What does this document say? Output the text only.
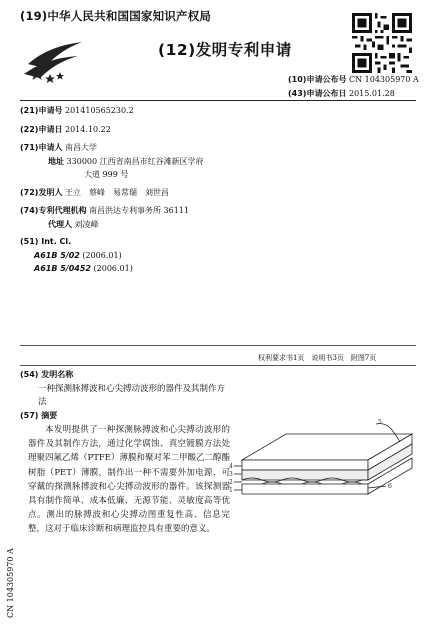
(19)中华人民共和国国家知识产权局
(12)发明专利申请
(10)申请公布号 CN 104305970 A
(43)申请公布日 2015.01.28
(21)申请号 201410565230.2
(22)申请日 2014.10.22
(71)申请人 南昌大学
地址 330000 江西省南昌市红谷滩新区学府
大道 999 号
(72)发明人 王立　蔡峰　易常瑞　刘世昌
(74)专利代理机构 南昌洪达专利事务所 36111
代理人 刘凌峰
(51) Int. Cl.
A61B 5/02 (2006.01)
A61B 5/0452 (2006.01)
权利要求书1页　说明书3页　附图7页
(54) 发明名称
一种探测脉搏波和心尖搏动波形的器件及其制作方法
(57) 摘要
本发明提供了一种探测脉搏波和心尖搏动波形的器件及其制作方法，通过化学腐蚀、真空镀膜方法处理聚四氟乙烯（PTFE）薄膜和聚对苯二甲酸乙二醇酯树脂（PET）薄膜，制作出一种不需要外加电源、可穿戴的探测脉搏波和心尖搏动波形的器件。该探测器具有制作简单、成本低廉、无源节能、灵敏度高等优点。测出的脉搏波和心尖搏动图重复性高、信息完整，这对于临床诊断和病理监控具有重要的意义。
5
4
3
2
1
6
CN 104305970 A
